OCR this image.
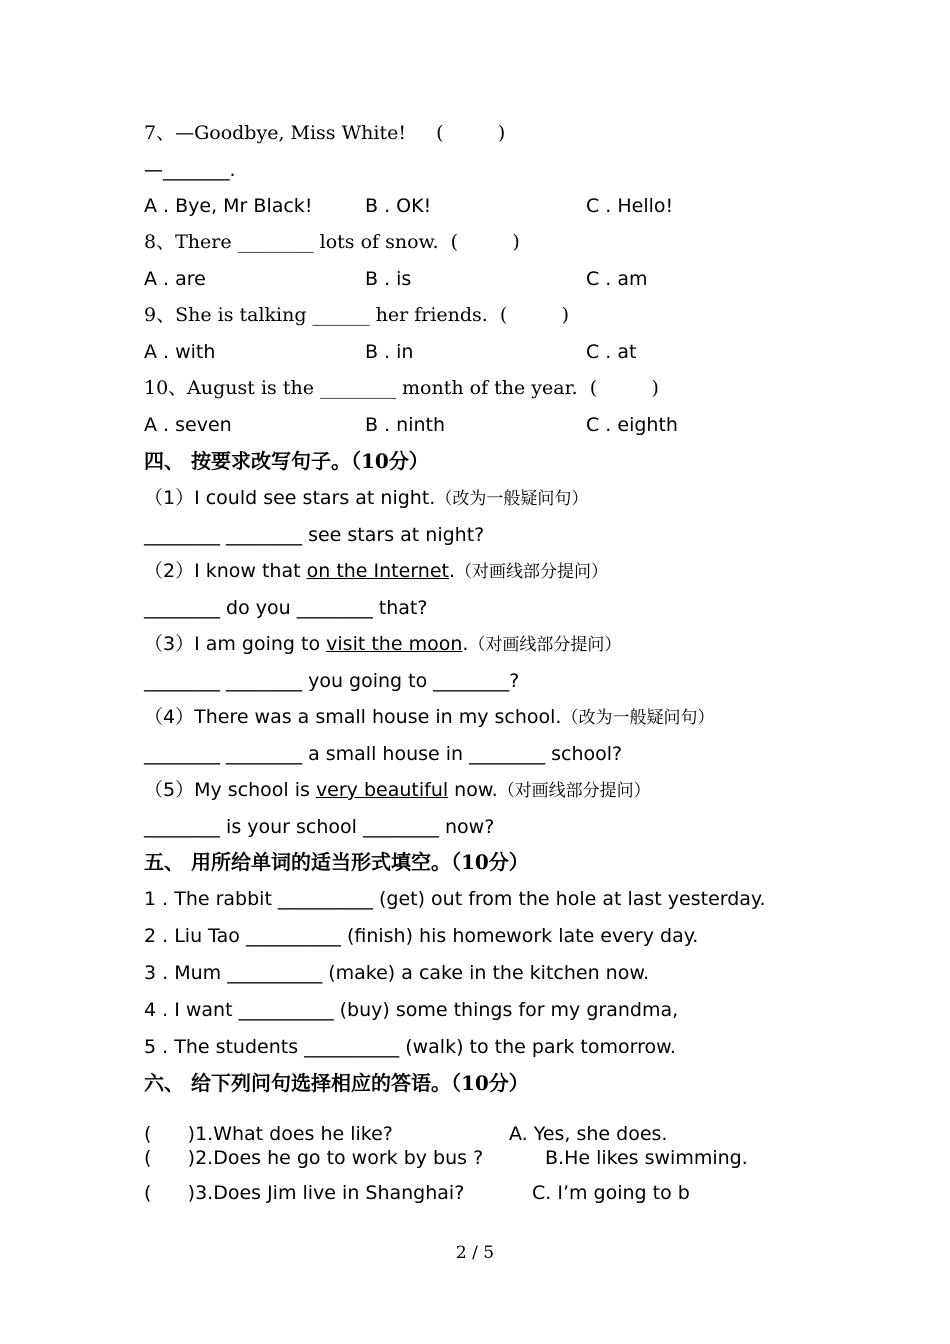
7、—Goodbye, Miss White!     (         )
—_______.
A . Bye, Mr Black!	B . OK!	C . Hello!
8、There ________ lots of snow.  (         )
A . are	B . is	C . am
9、She is talking ______ her friends.  (         )
A . with	B . in	C . at
10、August is the ________ month of the year.  (         )
A . seven	B . ninth	C . eighth
四、 按要求改写句子。（10分）
（1）I could see stars at night.（改为一般疑问句）
________ ________ see stars at night?
（2）I know that on the Internet.（对画线部分提问）
________ do you ________ that?
（3）I am going to visit the moon.（对画线部分提问）
________ ________ you going to ________?
（4）There was a small house in my school.（改为一般疑问句）
________ ________ a small house in ________ school?
（5）My school is very beautiful now.（对画线部分提问）
________ is your school ________ now?
五、 用所给单词的适当形式填空。（10分）
1 . The rabbit __________ (get) out from the hole at last yesterday.
2 . Liu Tao __________ (finish) his homework late every day.
3 . Mum __________ (make) a cake in the kitchen now.
4 . I want __________ (buy) some things for my grandma,
5 . The students __________ (walk) to the park tomorrow.
六、 给下列问句选择相应的答语。（10分）
(      )1.What does he like?	A. Yes, she does.
(      )2.Does he go to work by bus ?	B.He likes swimming.
(      )3.Does Jim live in Shanghai?	C. I’m going to b
2 / 5
